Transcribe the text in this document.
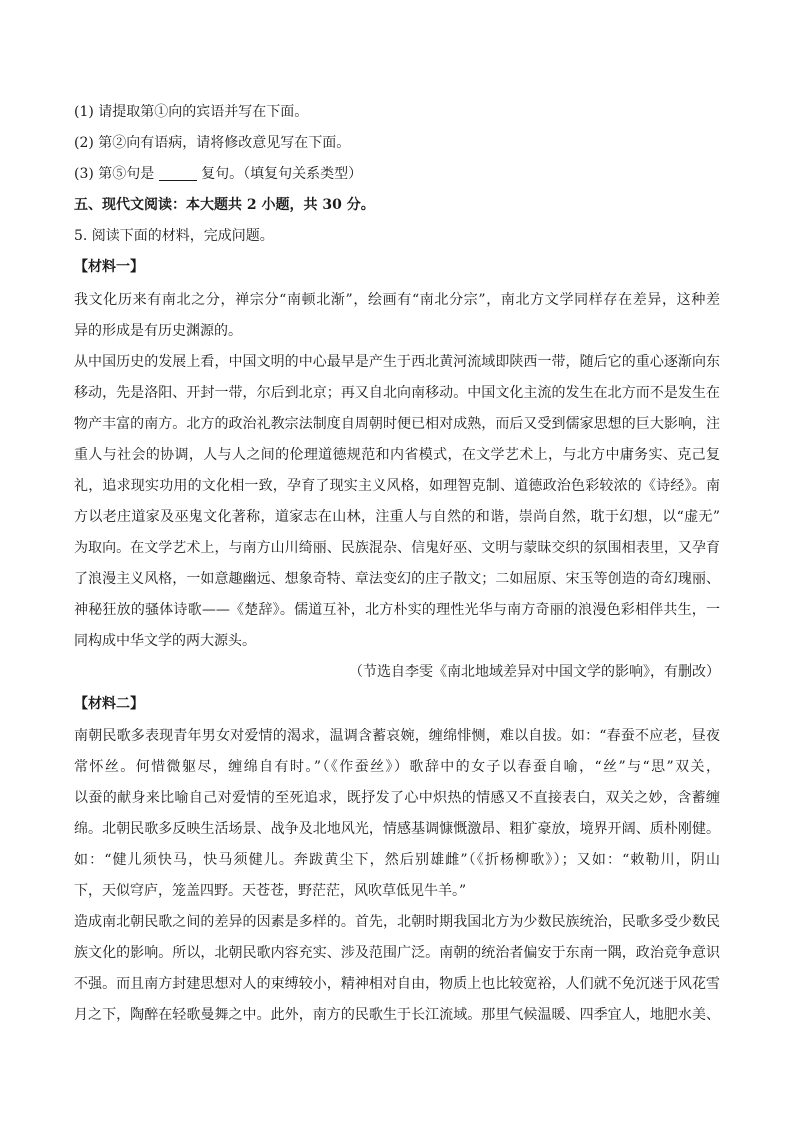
(1) 请提取第①向的宾语并写在下面。
(2) 第②向有语病，请将修改意见写在下面。
(3) 第⑤句是	复句。（填复句关系类型）
五、现代文阅读：本大题共 2 小题，共 30 分。
5. 阅读下面的材料，完成问题。
【材料一】
我文化历来有南北之分，禅宗分“南顿北渐”，绘画有“南北分宗”，南北方文学同样存在差异，这种差
异的形成是有历史渊源的。
从中国历史的发展上看，中国文明的中心最早是产生于西北黄河流域即陕西一带，随后它的重心逐渐向东
移动，先是洛阳、开封一带，尔后到北京；再又自北向南移动。中国文化主流的发生在北方而不是发生在
物产丰富的南方。北方的政治礼教宗法制度自周朝时便已相对成熟，而后又受到儒家思想的巨大影响，注
重人与社会的协调，人与人之间的伦理道德规范和内省模式，在文学艺术上，与北方中庸务实、克己复
礼，追求现实功用的文化相一致，孕育了现实主义风格，如理智克制、道德政治色彩较浓的《诗经》。南
方以老庄道家及巫鬼文化著称，道家志在山林，注重人与自然的和谐，崇尚自然，耽于幻想，以“虚无”
为取向。在文学艺术上，与南方山川绮丽、民族混杂、信鬼好巫、文明与蒙昧交织的氛围相表里，又孕育
了浪漫主义风格，一如意趣幽远、想象奇特、章法变幻的庄子散文；二如屈原、宋玉等创造的奇幻瑰丽、
神秘狂放的骚体诗歌——《楚辞》。儒道互补，北方朴实的理性光华与南方奇丽的浪漫色彩相伴共生，一
同构成中华文学的两大源头。
（节选自李雯《南北地域差异对中国文学的影响》，有删改）
【材料二】
南朝民歌多表现青年男女对爱情的渴求，温调含蓄哀婉，缠绵悱恻，难以自拔。如：“春蚕不应老，昼夜
常怀丝。何惜微躯尽，缠绵自有时。”（《作蚕丝》）歌辞中的女子以春蚕自喻，“丝”与“思”双关，
以蚕的献身来比喻自己对爱情的至死追求，既抒发了心中炽热的情感又不直接表白，双关之妙，含蓄缠
绵。北朝民歌多反映生活场景、战争及北地风光，情感基调慷慨激昂、粗犷豪放，境界开阔、质朴刚健。
如：“健儿须快马，快马须健儿。奔跋黄尘下，然后别雄雌”（《折杨柳歌》）；又如：“敕勒川，阴山
下，天似穹庐，笼盖四野。天苍苍，野茫茫，风吹草低见牛羊。”
造成南北朝民歌之间的差异的因素是多样的。首先，北朝时期我国北方为少数民族统治，民歌多受少数民
族文化的影响。所以，北朝民歌内容充实、涉及范围广泛。南朝的统治者偏安于东南一隅，政治竞争意识
不强。而且南方封建思想对人的束缚较小，精神相对自由，物质上也比较宽裕，人们就不免沉迷于风花雪
月之下，陶醉在轻歌曼舞之中。此外，南方的民歌生于长江流域。那里气候温暖、四季宜人，地肥水美、
